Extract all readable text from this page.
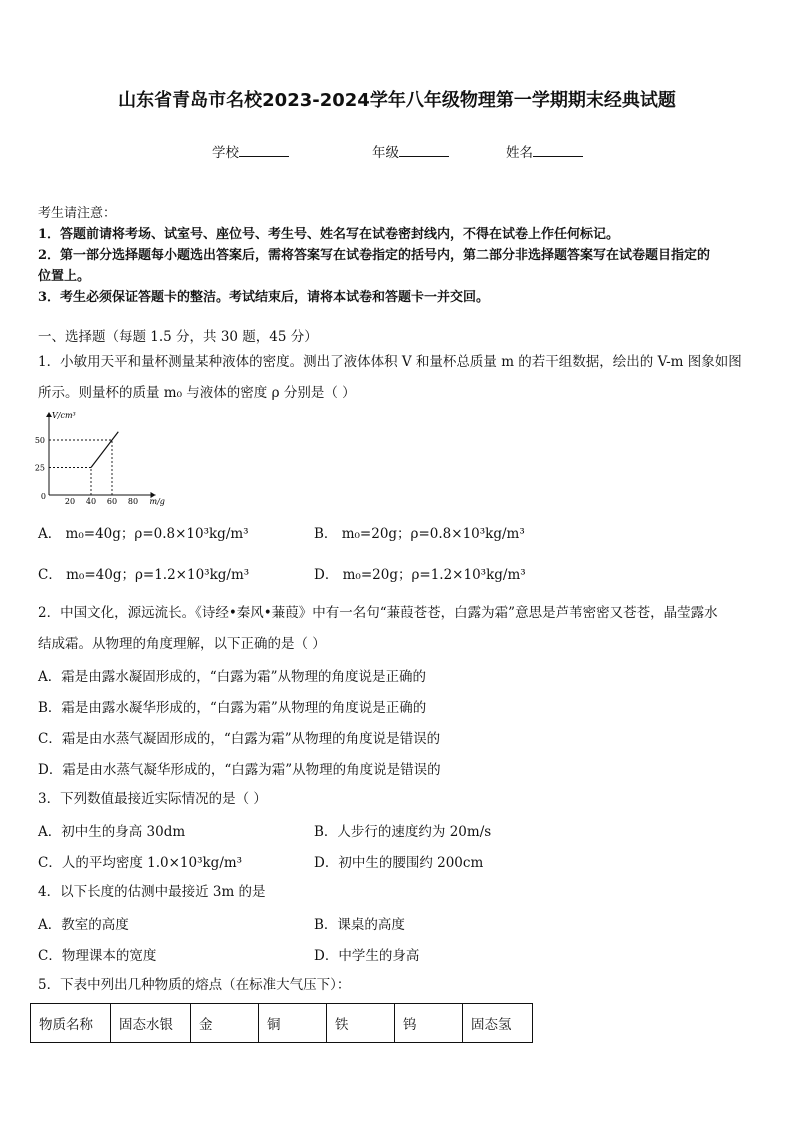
山东省青岛市名校2023-2024学年八年级物理第一学期期末经典试题
学校	年级	姓名
考生请注意：
1．答题前请将考场、试室号、座位号、考生号、姓名写在试卷密封线内，不得在试卷上作任何标记。
2．第一部分选择题每小题选出答案后，需将答案写在试卷指定的括号内，第二部分非选择题答案写在试卷题目指定的
位置上。
3．考生必须保证答题卡的整洁。考试结束后，请将本试卷和答题卡一并交回。
一、选择题（每题 1.5 分，共 30 题，45 分）
1．小敏用天平和量杯测量某种液体的密度。测出了液体体积 V 和量杯总质量 m 的若干组数据，绘出的 V-m 图象如图
所示。则量杯的质量 m₀ 与液体的密度 ρ 分别是（ ）
20 40 60 80
25
50
0
V/cm³
m/g
A． m₀=40g；ρ=0.8×10³kg/m³	B． m₀=20g；ρ=0.8×10³kg/m³
C． m₀=40g；ρ=1.2×10³kg/m³	D． m₀=20g；ρ=1.2×10³kg/m³
2．中国文化，源远流长。《诗经•秦风•蒹葭》中有一名句“蒹葭苍苍，白露为霜”意思是芦苇密密又苍苍，晶莹露水
结成霜。从物理的角度理解，以下正确的是（ ）
A．霜是由露水凝固形成的，“白露为霜”从物理的角度说是正确的
B．霜是由露水凝华形成的，“白露为霜”从物理的角度说是正确的
C．霜是由水蒸气凝固形成的，“白露为霜”从物理的角度说是错误的
D．霜是由水蒸气凝华形成的，“白露为霜”从物理的角度说是错误的
3．下列数值最接近实际情况的是（ ）
A．初中生的身高 30dm	B．人步行的速度约为 20m/s
C．人的平均密度 1.0×10³kg/m³	D．初中生的腰围约 200cm
4．以下长度的估测中最接近 3m 的是
A．教室的高度	B．课桌的高度
C．物理课本的宽度	D．中学生的身高
5．下表中列出几种物质的熔点（在标准大气压下）：
物质名称	固态水银	金	铜	铁	钨	固态氢
